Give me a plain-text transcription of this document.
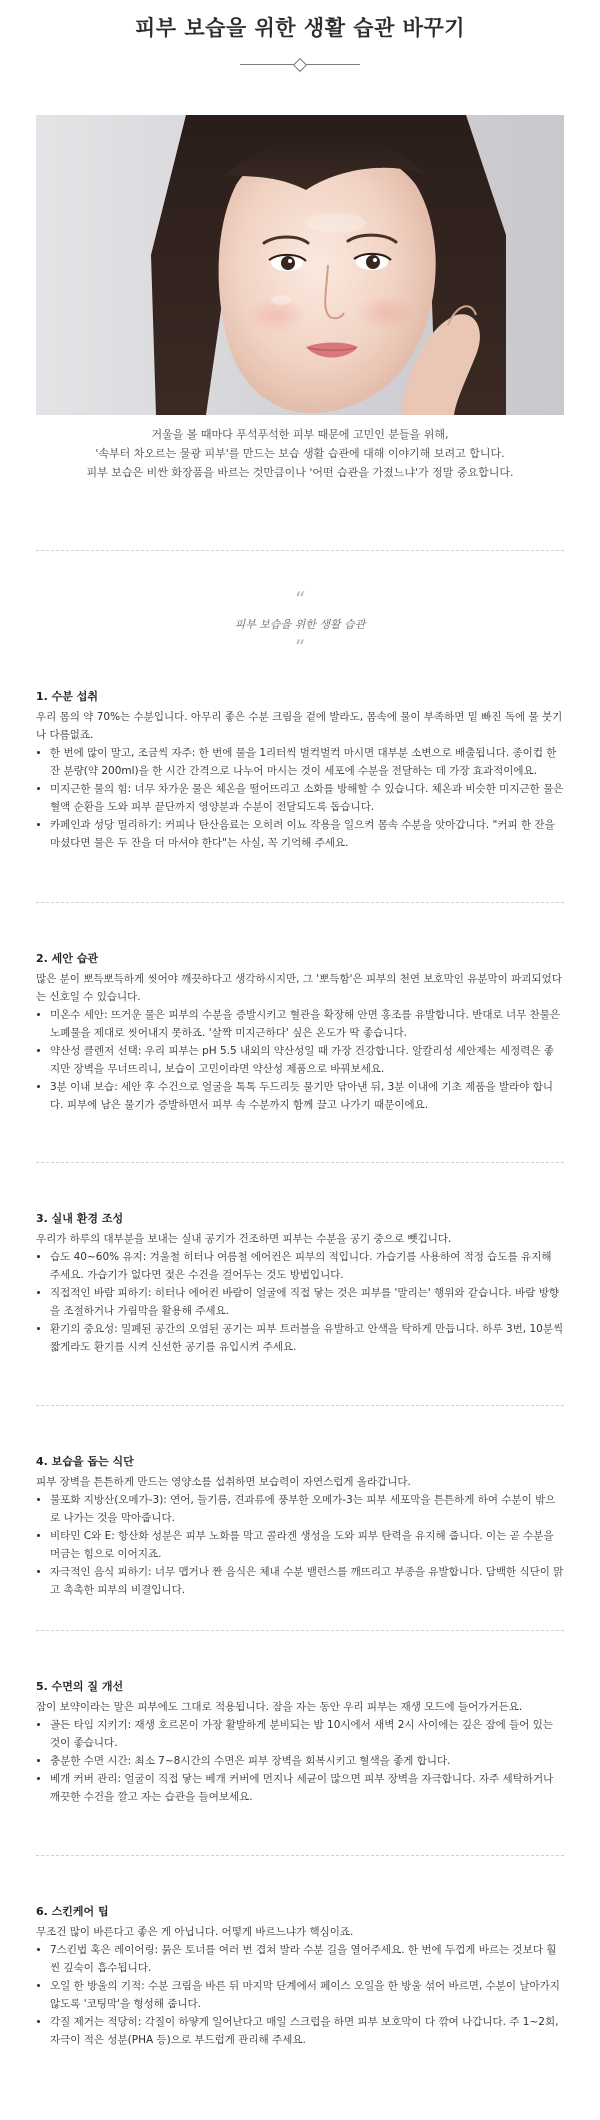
피부 보습을 위한 생활 습관 바꾸기

거울을 볼 때마다 푸석푸석한 피부 때문에 고민인 분들을 위해,

'속부터 차오르는 물광 피부'를 만드는 보습 생활 습관에 대해 이야기해 보려고 합니다.

피부 보습은 비싼 화장품을 바르는 것만큼이나 '어떤 습관을 가졌느냐'가 정말 중요합니다.

“
피부 보습을 위한 생활 습관
”
1. 수분 섭취

우리 몸의 약 70%는 수분입니다. 아무리 좋은 수분 크림을 겉에 발라도, 몸속에 물이 부족하면 밑 빠진 독에 물 붓기나 다름없죠.

• 한 번에 많이 말고, 조금씩 자주: 한 번에 물을 1리터씩 벌컥벌컥 마시면 대부분 소변으로 배출됩니다. 종이컵 한 잔 분량(약 200ml)을 한 시간 간격으로 나누어 마시는 것이 세포에 수분을 전달하는 데 가장 효과적이에요.
• 미지근한 물의 힘: 너무 차가운 물은 체온을 떨어뜨리고 소화를 방해할 수 있습니다. 체온과 비슷한 미지근한 물은 혈액 순환을 도와 피부 끝단까지 영양분과 수분이 전달되도록 돕습니다.
• 카페인과 성당 멀리하기: 커피나 탄산음료는 오히려 이뇨 작용을 일으켜 몸속 수분을 앗아갑니다. "커피 한 잔을 마셨다면 물은 두 잔을 더 마셔야 한다"는 사실, 꼭 기억해 주세요.
2. 세안 습관

많은 분이 뽀득뽀득하게 씻어야 깨끗하다고 생각하시지만, 그 '뽀득함'은 피부의 천연 보호막인 유분막이 파괴되었다는 신호일 수 있습니다.

• 미온수 세안: 뜨거운 물은 피부의 수분을 증발시키고 혈관을 확장해 안면 홍조를 유발합니다. 반대로 너무 찬물은 노폐물을 제대로 씻어내지 못하죠. '살짝 미지근하다' 싶은 온도가 딱 좋습니다.
• 약산성 클렌저 선택: 우리 피부는 pH 5.5 내외의 약산성일 때 가장 건강합니다. 알칼리성 세안제는 세정력은 좋지만 장벽을 무너뜨리니, 보습이 고민이라면 약산성 제품으로 바꿔보세요.
• 3분 이내 보습: 세안 후 수건으로 얼굴을 톡톡 두드리듯 물기만 닦아낸 뒤, 3분 이내에 기초 제품을 발라야 합니다. 피부에 남은 물기가 증발하면서 피부 속 수분까지 함께 끌고 나가기 때문이에요.
3. 실내 환경 조성

우리가 하루의 대부분을 보내는 실내 공기가 건조하면 피부는 수분을 공기 중으로 뺏깁니다.

• 습도 40~60% 유지: 겨울철 히터나 여름철 에어컨은 피부의 적입니다. 가습기를 사용하여 적정 습도를 유지해 주세요. 가습기가 없다면 젖은 수건을 걸어두는 것도 방법입니다.
• 직접적인 바람 피하기: 히터나 에어컨 바람이 얼굴에 직접 닿는 것은 피부를 '말리는' 행위와 같습니다. 바람 방향을 조절하거나 가림막을 활용해 주세요.
• 환기의 중요성: 밀폐된 공간의 오염된 공기는 피부 트러블을 유발하고 안색을 탁하게 만듭니다. 하루 3번, 10분씩 짧게라도 환기를 시켜 신선한 공기를 유입시켜 주세요.
4. 보습을 돕는 식단

피부 장벽을 튼튼하게 만드는 영양소를 섭취하면 보습력이 자연스럽게 올라갑니다.

• 불포화 지방산(오메가-3): 연어, 들기름, 견과류에 풍부한 오메가-3는 피부 세포막을 튼튼하게 하여 수분이 밖으로 나가는 것을 막아줍니다.
• 비타민 C와 E: 항산화 성분은 피부 노화를 막고 콜라겐 생성을 도와 피부 탄력을 유지해 줍니다. 이는 곧 수분을 머금는 힘으로 이어지죠.
• 자극적인 음식 피하기: 너무 맵거나 짠 음식은 체내 수분 밸런스를 깨뜨리고 부종을 유발합니다. 담백한 식단이 맑고 촉촉한 피부의 비결입니다.
5. 수면의 질 개선

잠이 보약이라는 말은 피부에도 그대로 적용됩니다. 잠을 자는 동안 우리 피부는 재생 모드에 들어가거든요.

• 골든 타임 지키기: 재생 호르몬이 가장 활발하게 분비되는 밤 10시에서 새벽 2시 사이에는 깊은 잠에 들어 있는 것이 좋습니다.
• 충분한 수면 시간: 최소 7~8시간의 수면은 피부 장벽을 회복시키고 혈색을 좋게 합니다.
• 베개 커버 관리: 얼굴이 직접 닿는 베개 커버에 먼지나 세균이 많으면 피부 장벽을 자극합니다. 자주 세탁하거나 깨끗한 수건을 깔고 자는 습관을 들여보세요.
6. 스킨케어 팁

무조건 많이 바른다고 좋은 게 아닙니다. 어떻게 바르느냐가 핵심이죠.

• 7스킨법 혹은 레이어링: 묽은 토너를 여러 번 겹쳐 발라 수분 길을 열어주세요. 한 번에 두껍게 바르는 것보다 훨씬 깊숙이 흡수됩니다.
• 오일 한 방울의 기적: 수분 크림을 바른 뒤 마지막 단계에서 페이스 오일을 한 방울 섞어 바르면, 수분이 날아가지 않도록 '코팅막'을 형성해 줍니다.
• 각질 제거는 적당히: 각질이 하얗게 일어난다고 매일 스크럽을 하면 피부 보호막이 다 깎여 나갑니다. 주 1~2회, 자극이 적은 성분(PHA 등)으로 부드럽게 관리해 주세요.
